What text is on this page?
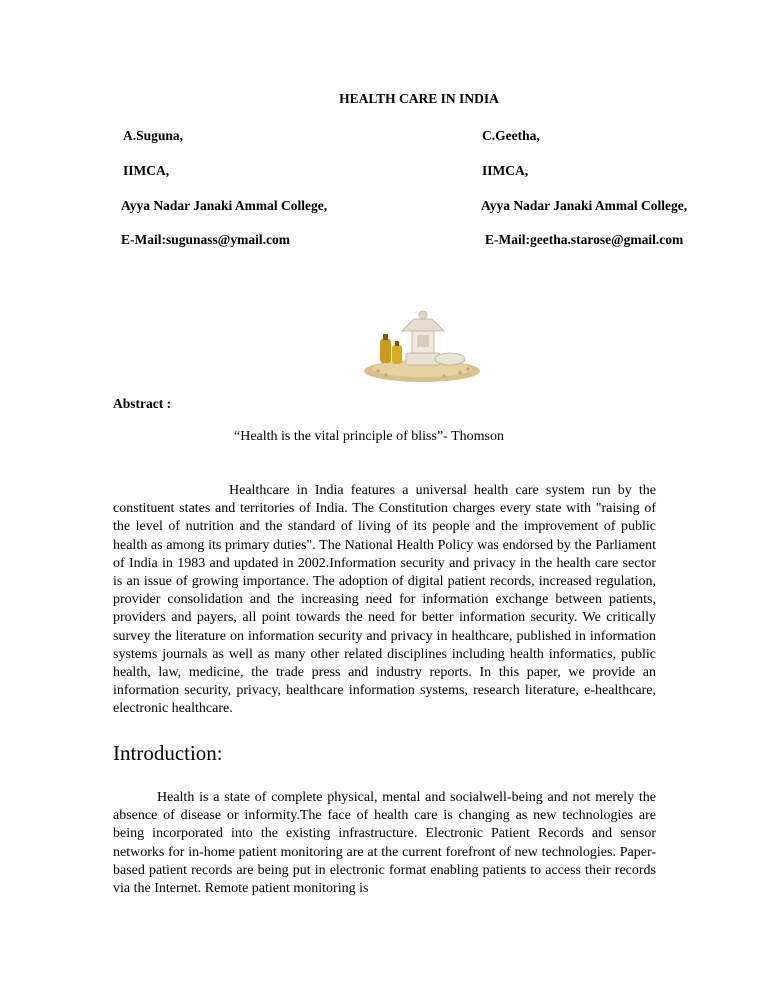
HEALTH CARE IN INDIA
A.Suguna,
IIMCA,
Ayya Nadar Janaki Ammal College,
E-Mail:sugunass@ymail.com
C.Geetha,
IIMCA,
Ayya Nadar Janaki Ammal College,
E-Mail:geetha.starose@gmail.com
Abstract :
“Health is the vital principle of bliss”- Thomson

Healthcare in India features a universal health care system run by the constituent states and territories of India. The Constitution charges every state with "raising of the level of nutrition and the standard of living of its people and the improvement of public health as among its primary duties". The National Health Policy was endorsed by the Parliament of India in 1983 and updated in 2002.Information security and privacy in the health care sector is an issue of growing importance. The adoption of digital patient records, increased regulation, provider consolidation and the increasing need for information exchange between patients, providers and payers, all point towards the need for better information security. We critically survey the literature on information security and privacy in healthcare, published in information systems journals as well as many other related disciplines including health informatics, public health, law, medicine, the trade press and industry reports. In this paper, we provide an information security, privacy, healthcare information systems, research literature, e-healthcare, electronic healthcare.

Introduction:

Health is a state of complete physical, mental and socialwell-being and not merely the absence of disease or informity.The face of health care is changing as new technologies are being incorporated into the existing infrastructure. Electronic Patient Records and sensor networks for in-home patient monitoring are at the current forefront of new technologies. Paper-based patient records are being put in electronic format enabling patients to access their records via the Internet. Remote patient monitoring is
